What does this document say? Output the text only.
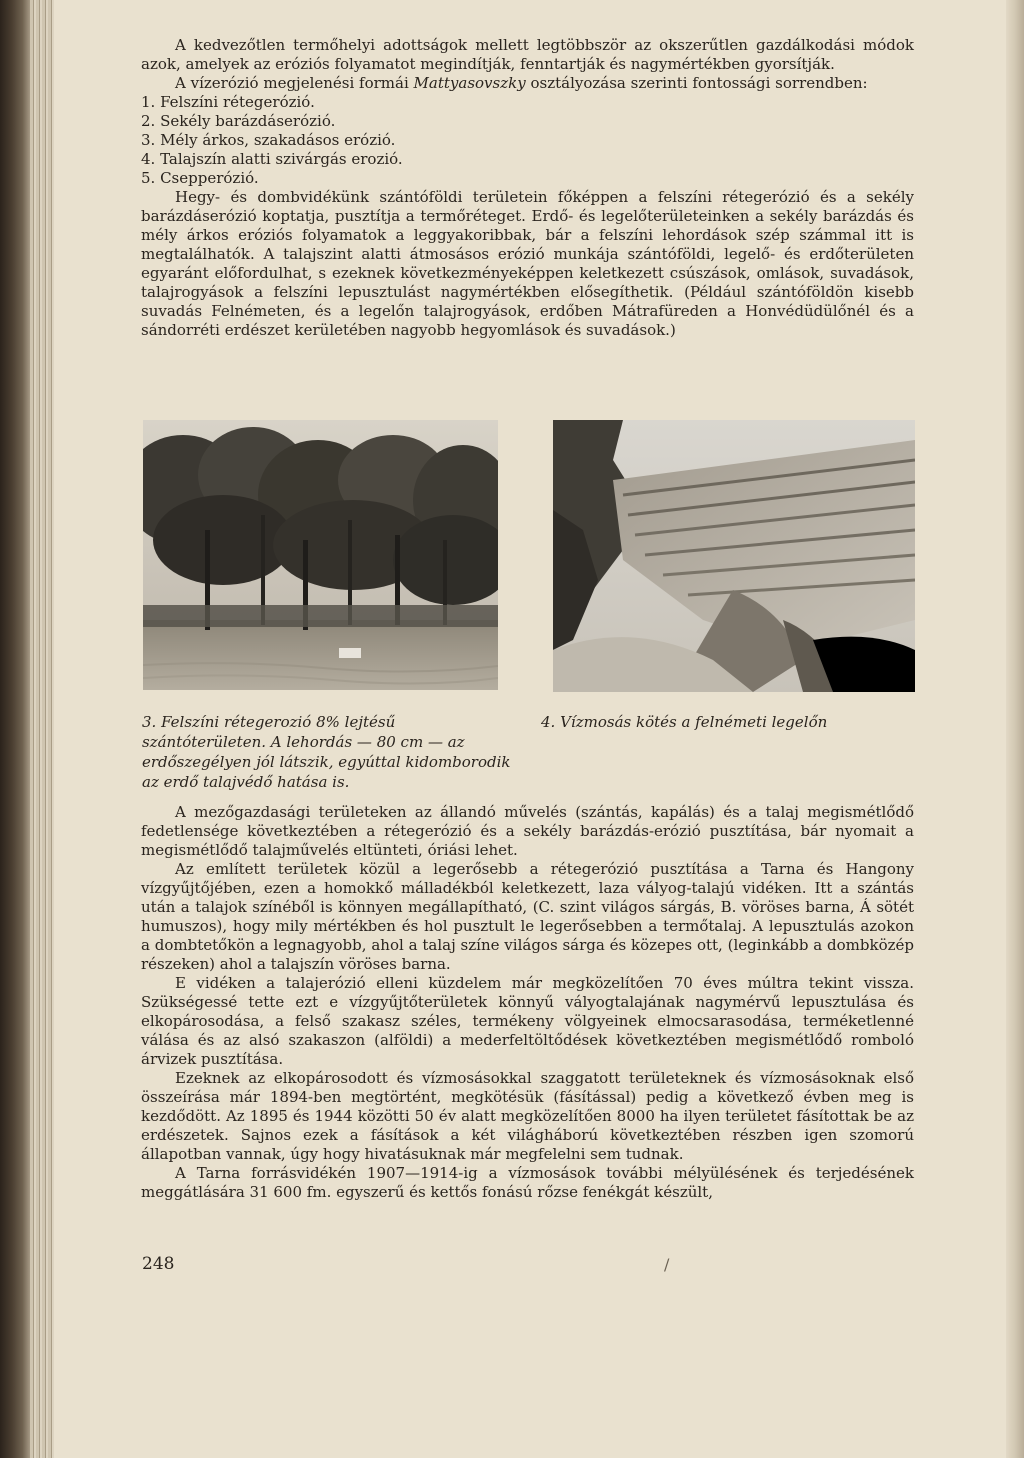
A kedvezőtlen termőhelyi adottságok mellett legtöbbször az okszerűtlen gazdálkodási módok azok, amelyek az eróziós folyamatot megindítják, fenntartják és nagymértékben gyorsítják.

A vízerózió megjelenési formái Mattyasovszky osztályozása szerinti fontossági sorrendben:

1. Felszíni rétegerózió.
2. Sekély barázdáserózió.
3. Mély árkos, szakadásos erózió.
4. Talajszín alatti szivárgás erozió.
5. Csepperózió.

Hegy- és dombvidékünk szántóföldi területein főképpen a felszíni rétegerózió és a sekély barázdáserózió koptatja, pusztítja a termőréteget. Erdő- és legelőterületeinken a sekély barázdás és mély árkos eróziós folyamatok a leggyakoribbak, bár a felszíni lehordások szép számmal itt is megtalálhatók. A talajszint alatti átmosásos erózió munkája szántóföldi, legelő- és erdőterületen egyaránt előfordulhat, s ezeknek következményeképpen keletkezett csúszások, omlások, suvadások, talajrogyások a felszíni lepusztulást nagymértékben elősegíthetik. (Például szántóföldön kisebb suvadás Felnémeten, és a legelőn talajrogyások, erdőben Mátrafüreden a Honvédüdülőnél és a sándorréti erdészet kerületében nagyobb hegyomlások és suvadások.)

3. Felszíni rétegerozió 8% lejtésű szántóterületen. A lehordás — 80 cm — az erdőszegélyen jól látszik, egyúttal kidomborodik az erdő talajvédő hatása is.
4. Vízmosás kötés a felnémeti legelőn

A mezőgazdasági területeken az állandó művelés (szántás, kapálás) és a talaj megismétlődő fedetlensége következtében a rétegerózió és a sekély barázdás-erózió pusztítása, bár nyomait a megismétlődő talajművelés eltünteti, óriási lehet.

Az említett területek közül a legerősebb a rétegerózió pusztítása a Tarna és Hangony vízgyűjtőjében, ezen a homokkő málladékból keletkezett, laza vályog-talajú vidéken. Itt a szántás után a talajok színéből is könnyen megállapítható, (C. szint világos sárgás, B. vöröses barna, Á sötét humuszos), hogy mily mértékben és hol pusztult le legerősebben a termőtalaj. A lepusztulás azokon a dombtetőkön a legnagyobb, ahol a talaj színe világos sárga és közepes ott, (leginkább a dombközép részeken) ahol a talajszín vöröses barna.

E vidéken a talajerózió elleni küzdelem már megközelítően 70 éves múltra tekint vissza. Szükségessé tette ezt e vízgyűjtőterületek könnyű vályogtalajának nagymérvű lepusztulása és elkopárosodása, a felső szakasz széles, termékeny völgyeinek elmocsarasodása, terméketlenné válása és az alsó szakaszon (alföldi) a mederfeltöltődések következtében megismétlődő romboló árvizek pusztítása.

Ezeknek az elkopárosodott és vízmosásokkal szaggatott területeknek és vízmosásoknak első összeírása már 1894-ben megtörtént, megkötésük (fásítással) pedig a következő évben meg is kezdődött. Az 1895 és 1944 közötti 50 év alatt megközelítően 8000 ha ilyen területet fásítottak be az erdészetek. Sajnos ezek a fásítások a két világháború következtében részben igen szomorú állapotban vannak, úgy hogy hivatásuknak már megfelelni sem tudnak.

A Tarna forrásvidékén 1907—1914-ig a vízmosások további mélyülésének és terjedésének meggátlására 31 600 fm. egyszerű és kettős fonású rőzse fenékgát készült,

248	/
